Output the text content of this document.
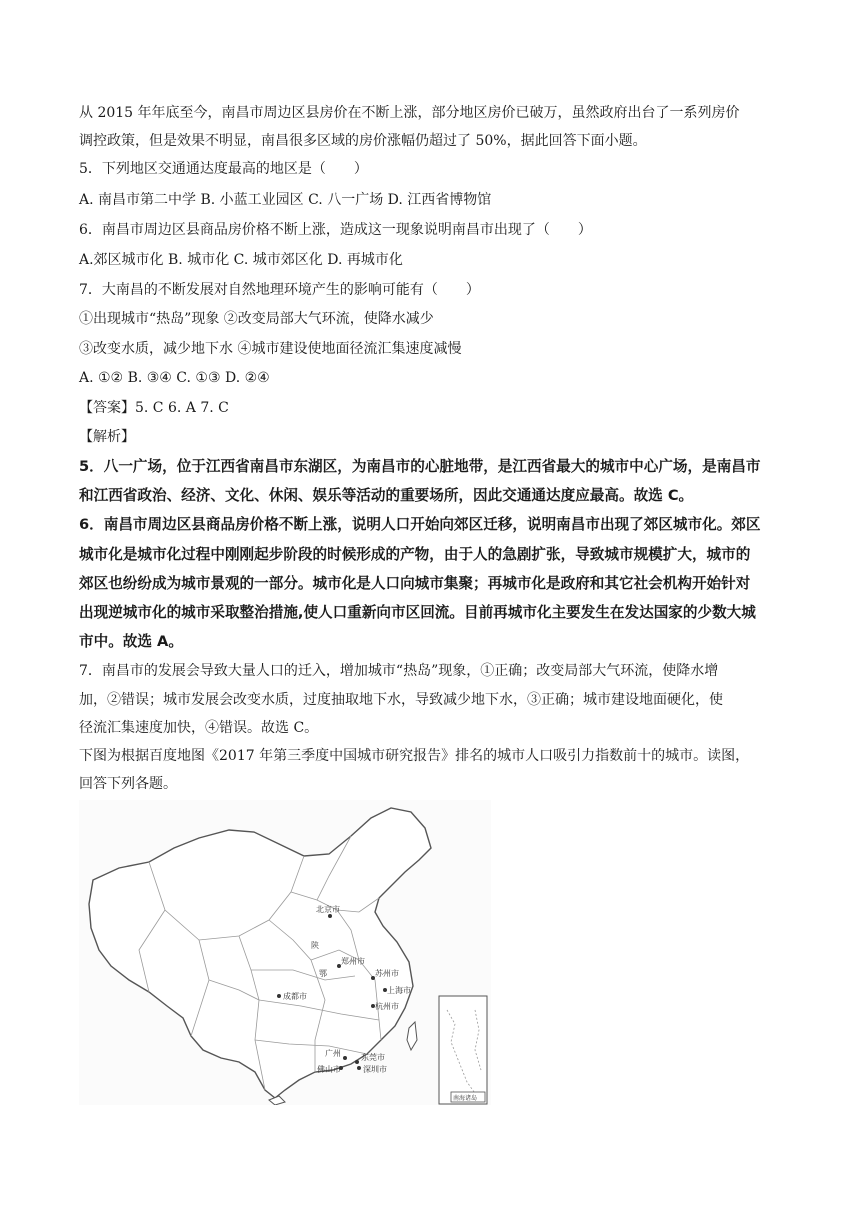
从 2015 年年底至今，南昌市周边区县房价在不断上涨，部分地区房价已破万，虽然政府出台了一系列房价
调控政策，但是效果不明显，南昌很多区域的房价涨幅仍超过了 50%，据此回答下面小题。
5．下列地区交通通达度最高的地区是（　　）
A. 南昌市第二中学 B. 小蓝工业园区 C. 八一广场 D. 江西省博物馆
6．南昌市周边区县商品房价格不断上涨，造成这一现象说明南昌市出现了（　　）
A.郊区城市化 B. 城市化 C. 城市郊区化 D. 再城市化
7．大南昌的不断发展对自然地理环境产生的影响可能有（　　）
①出现城市“热岛”现象 ②改变局部大气环流，使降水减少
③改变水质，减少地下水 ④城市建设使地面径流汇集速度减慢
A. ①② B. ③④ C. ①③ D. ②④
【答案】5. C 6. A 7. C
【解析】
5．八一广场，位于江西省南昌市东湖区，为南昌市的心脏地带，是江西省最大的城市中心广场，是南昌市
和江西省政治、经济、文化、休闲、娱乐等活动的重要场所，因此交通通达度应最高。故选 C。
6．南昌市周边区县商品房价格不断上涨，说明人口开始向郊区迁移，说明南昌市出现了郊区城市化。郊区
城市化是城市化过程中刚刚起步阶段的时候形成的产物，由于人的急剧扩张，导致城市规模扩大，城市的
郊区也纷纷成为城市景观的一部分。城市化是人口向城市集聚；再城市化是政府和其它社会机构开始针对
出现逆城市化的城市采取整治措施,使人口重新向市区回流。目前再城市化主要发生在发达国家的少数大城
市中。故选 A。
7．南昌市的发展会导致大量人口的迁入，增加城市“热岛”现象，①正确；改变局部大气环流，使降水增
加，②错误；城市发展会改变水质，过度抽取地下水，导致减少地下水，③正确；城市建设地面硬化，使
径流汇集速度加快，④错误。故选 C。
下图为根据百度地图《2017 年第三季度中国城市研究报告》排名的城市人口吸引力指数前十的城市。读图，
回答下列各题。
北京市
郑州市
苏州市
上海市
杭州市
成都市
广州	东莞市
佛山市	深圳市
陕
鄂
南海诸岛
